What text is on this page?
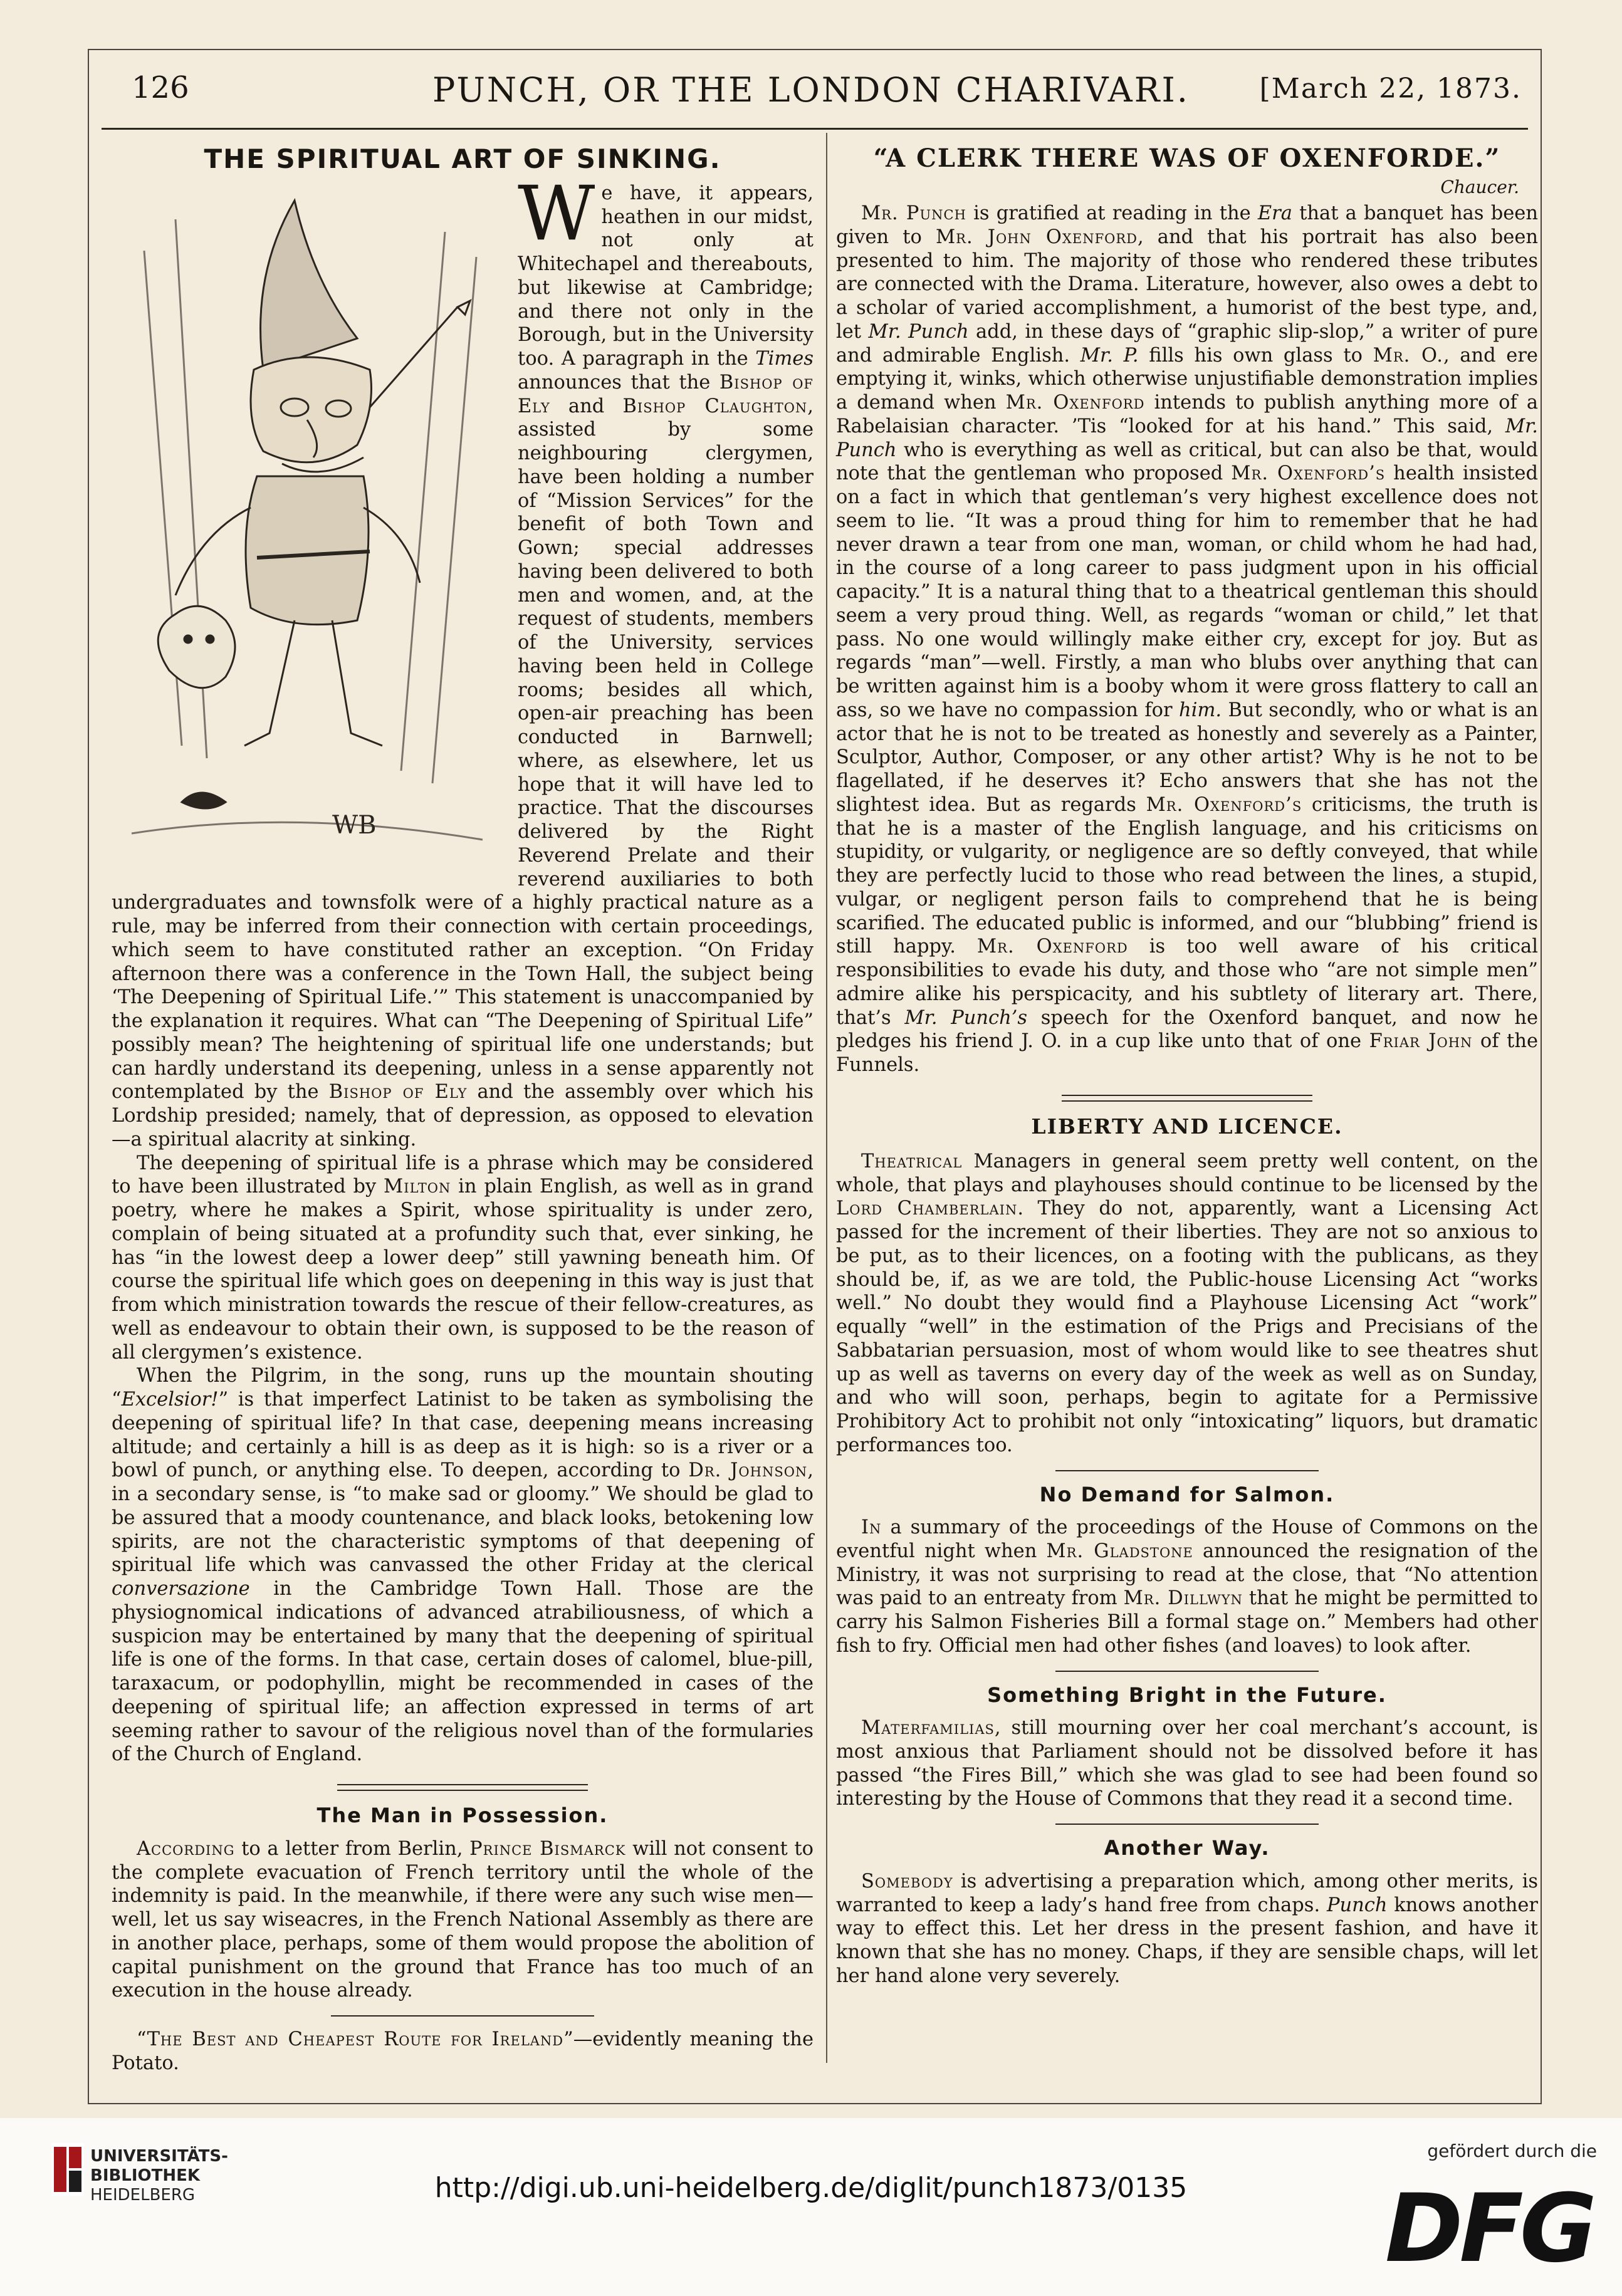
126	PUNCH, OR THE LONDON CHARIVARI.	[March 22, 1873.
THE SPIRITUAL ART OF SINKING.
WB

We have, it appears, heathen in our midst, not only at Whitechapel and thereabouts, but likewise at Cambridge; and there not only in the Borough, but in the University too. A paragraph in the Times announces that the Bishop of Ely and Bishop Claughton, assisted by some neighbouring clergymen, have been holding a number of “Mission Services” for the benefit of both Town and Gown; special addresses having been delivered to both men and women, and, at the request of students, members of the University, services having been held in College rooms; besides all which, open-air preaching has been conducted in Barnwell; where, as elsewhere, let us hope that it will have led to practice. That the discourses delivered by the Right Reverend Prelate and their reverend auxiliaries to both undergraduates and townsfolk were of a highly practical nature as a rule, may be inferred from their connection with certain proceedings, which seem to have constituted rather an exception. “On Friday afternoon there was a conference in the Town Hall, the subject being ‘The Deepening of Spiritual Life.’” This statement is unaccompanied by the explanation it requires. What can “The Deepening of Spiritual Life” possibly mean? The heightening of spiritual life one understands; but can hardly understand its deepening, unless in a sense apparently not contemplated by the Bishop of Ely and the assembly over which his Lordship presided; namely, that of depression, as opposed to elevation—a spiritual alacrity at sinking.

The deepening of spiritual life is a phrase which may be considered to have been illustrated by Milton in plain English, as well as in grand poetry, where he makes a Spirit, whose spirituality is under zero, complain of being situated at a profundity such that, ever sinking, he has “in the lowest deep a lower deep” still yawning beneath him. Of course the spiritual life which goes on deepening in this way is just that from which ministration towards the rescue of their fellow-creatures, as well as endeavour to obtain their own, is supposed to be the reason of all clergymen’s existence.

When the Pilgrim, in the song, runs up the mountain shouting “Excelsior!” is that imperfect Latinist to be taken as symbolising the deepening of spiritual life? In that case, deepening means increasing altitude; and certainly a hill is as deep as it is high: so is a river or a bowl of punch, or anything else. To deepen, according to Dr. Johnson, in a secondary sense, is “to make sad or gloomy.” We should be glad to be assured that a moody countenance, and black looks, betokening low spirits, are not the characteristic symptoms of that deepening of spiritual life which was canvassed the other Friday at the clerical conversazione in the Cambridge Town Hall. Those are the physiognomical indications of advanced atrabiliousness, of which a suspicion may be entertained by many that the deepening of spiritual life is one of the forms. In that case, certain doses of calomel, blue-pill, taraxacum, or podophyllin, might be recommended in cases of the deepening of spiritual life; an affection expressed in terms of art seeming rather to savour of the religious novel than of the formularies of the Church of England.

The Man in Possession.

According to a letter from Berlin, Prince Bismarck will not consent to the complete evacuation of French territory until the whole of the indemnity is paid. In the meanwhile, if there were any such wise men—well, let us say wiseacres, in the French National Assembly as there are in another place, perhaps, some of them would propose the abolition of capital punishment on the ground that France has too much of an execution in the house already.

“The Best and Cheapest Route for Ireland”—evidently meaning the Potato.

“A CLERK THERE WAS OF OXENFORDE.”
Chaucer.

Mr. Punch is gratified at reading in the Era that a banquet has been given to Mr. John Oxenford, and that his portrait has also been presented to him. The majority of those who rendered these tributes are connected with the Drama. Literature, however, also owes a debt to a scholar of varied accomplishment, a humorist of the best type, and, let Mr. Punch add, in these days of “graphic slip-slop,” a writer of pure and admirable English. Mr. P. fills his own glass to Mr. O., and ere emptying it, winks, which otherwise unjustifiable demonstration implies a demand when Mr. Oxenford intends to publish anything more of a Rabelaisian character. ’Tis “looked for at his hand.” This said, Mr. Punch who is everything as well as critical, but can also be that, would note that the gentleman who proposed Mr. Oxenford’s health insisted on a fact in which that gentleman’s very highest excellence does not seem to lie. “It was a proud thing for him to remember that he had never drawn a tear from one man, woman, or child whom he had had, in the course of a long career to pass judgment upon in his official capacity.” It is a natural thing that to a theatrical gentleman this should seem a very proud thing. Well, as regards “woman or child,” let that pass. No one would willingly make either cry, except for joy. But as regards “man”—well. Firstly, a man who blubs over anything that can be written against him is a booby whom it were gross flattery to call an ass, so we have no compassion for him. But secondly, who or what is an actor that he is not to be treated as honestly and severely as a Painter, Sculptor, Author, Composer, or any other artist? Why is he not to be flagellated, if he deserves it? Echo answers that she has not the slightest idea. But as regards Mr. Oxenford’s criticisms, the truth is that he is a master of the English language, and his criticisms on stupidity, or vulgarity, or negligence are so deftly conveyed, that while they are perfectly lucid to those who read between the lines, a stupid, vulgar, or negligent person fails to comprehend that he is being scarified. The educated public is informed, and our “blubbing” friend is still happy. Mr. Oxenford is too well aware of his critical responsibilities to evade his duty, and those who “are not simple men” admire alike his perspicacity, and his subtlety of literary art. There, that’s Mr. Punch’s speech for the Oxenford banquet, and now he pledges his friend J. O. in a cup like unto that of one Friar John of the Funnels.

LIBERTY AND LICENCE.

Theatrical Managers in general seem pretty well content, on the whole, that plays and playhouses should continue to be licensed by the Lord Chamberlain. They do not, apparently, want a Licensing Act passed for the increment of their liberties. They are not so anxious to be put, as to their licences, on a footing with the publicans, as they should be, if, as we are told, the Public-house Licensing Act “works well.” No doubt they would find a Playhouse Licensing Act “work” equally “well” in the estimation of the Prigs and Precisians of the Sabbatarian persuasion, most of whom would like to see theatres shut up as well as taverns on every day of the week as well as on Sunday, and who will soon, perhaps, begin to agitate for a Permissive Prohibitory Act to prohibit not only “intoxicating” liquors, but dramatic performances too.

No Demand for Salmon.

In a summary of the proceedings of the House of Commons on the eventful night when Mr. Gladstone announced the resignation of the Ministry, it was not surprising to read at the close, that “No attention was paid to an entreaty from Mr. Dillwyn that he might be permitted to carry his Salmon Fisheries Bill a formal stage on.” Members had other fish to fry. Official men had other fishes (and loaves) to look after.

Something Bright in the Future.

Materfamilias, still mourning over her coal merchant’s account, is most anxious that Parliament should not be dissolved before it has passed “the Fires Bill,” which she was glad to see had been found so interesting by the House of Commons that they read it a second time.

Another Way.

Somebody is advertising a preparation which, among other merits, is warranted to keep a lady’s hand free from chaps. Punch knows another way to effect this. Let her dress in the present fashion, and have it known that she has no money. Chaps, if they are sensible chaps, will let her hand alone very severely.

UNIVERSITÄTS-
BIBLIOTHEK
HEIDELBERG	http://digi.ub.uni-heidelberg.de/diglit/punch1873/0135
gefördert durch die
DFG
